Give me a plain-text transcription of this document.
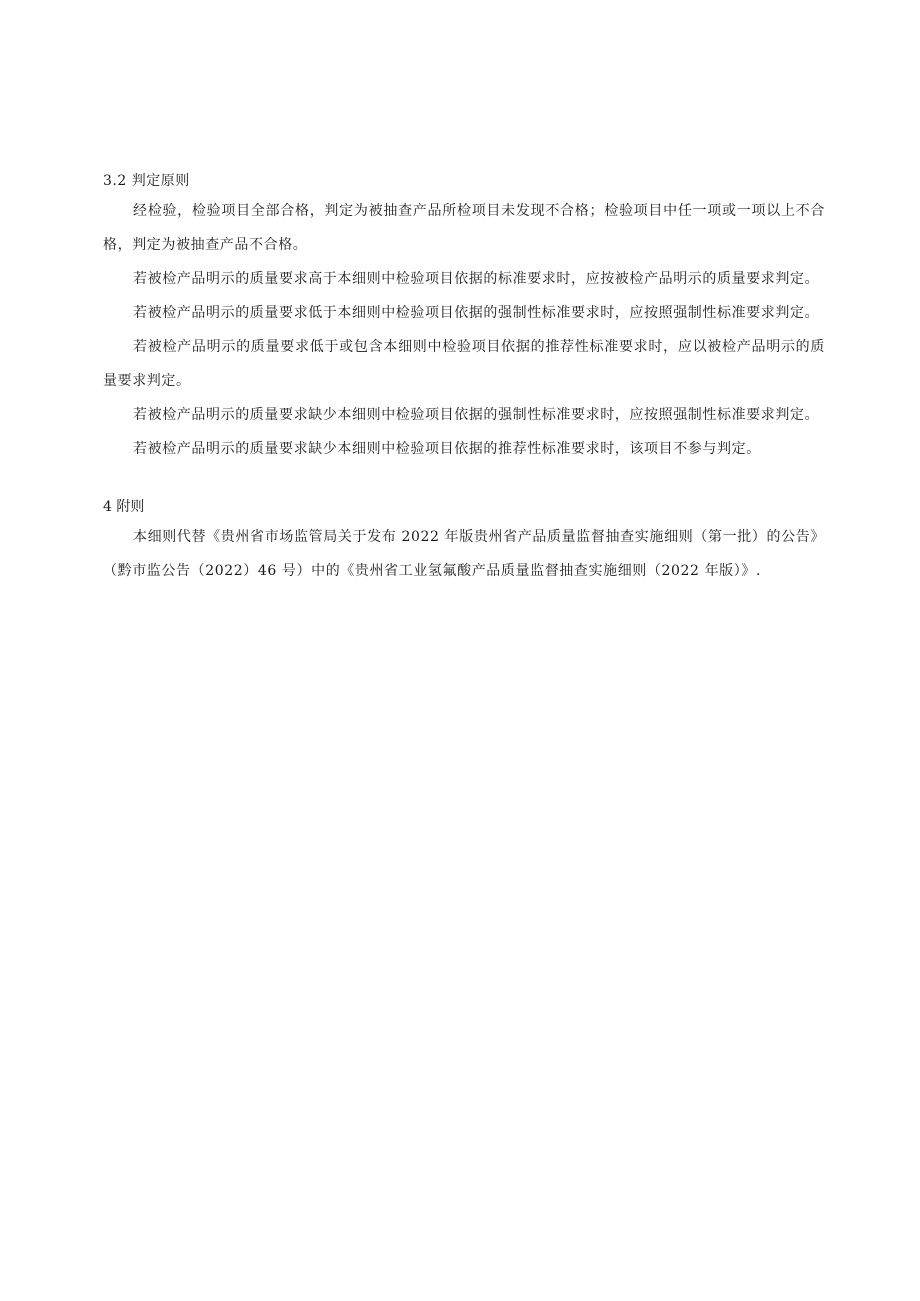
3.2 判定原则

经检验，检验项目全部合格，判定为被抽查产品所检项目未发现不合格；检验项目中任一项或一项以上不合格，判定为被抽查产品不合格。

若被检产品明示的质量要求高于本细则中检验项目依据的标准要求时，应按被检产品明示的质量要求判定。

若被检产品明示的质量要求低于本细则中检验项目依据的强制性标准要求时，应按照强制性标准要求判定。

若被检产品明示的质量要求低于或包含本细则中检验项目依据的推荐性标准要求时，应以被检产品明示的质量要求判定。

若被检产品明示的质量要求缺少本细则中检验项目依据的强制性标准要求时，应按照强制性标准要求判定。

若被检产品明示的质量要求缺少本细则中检验项目依据的推荐性标准要求时，该项目不参与判定。

4 附则

本细则代替《贵州省市场监管局关于发布 2022 年版贵州省产品质量监督抽查实施细则（第一批）的公告》（黔市监公告（2022）46 号）中的《贵州省工业氢氟酸产品质量监督抽查实施细则（2022 年版）》.
